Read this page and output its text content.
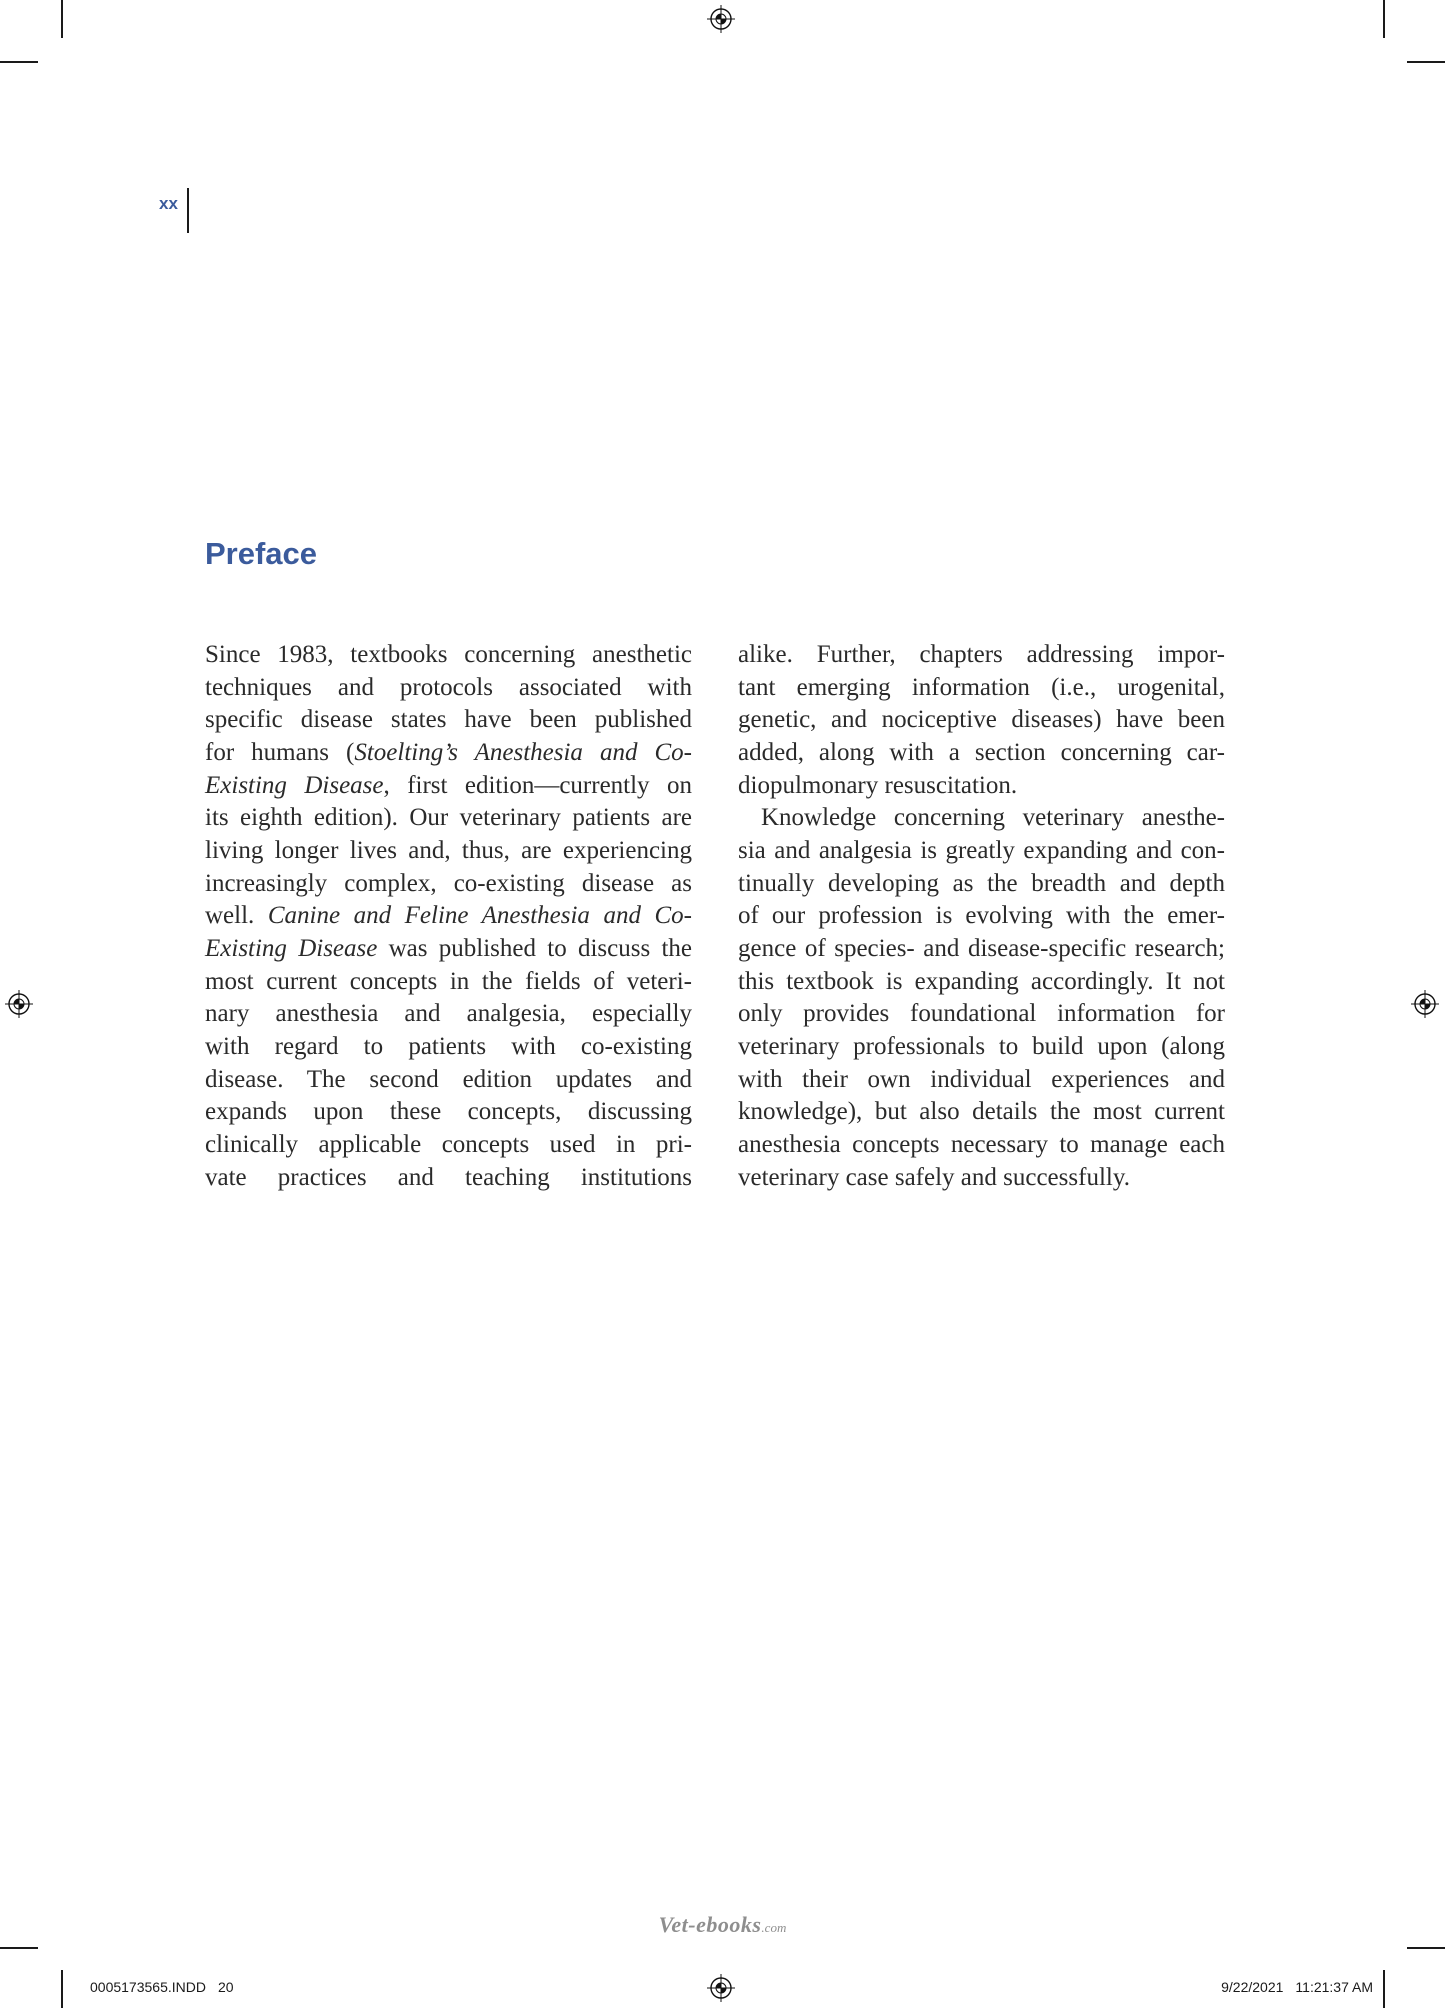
xx
Preface
Since 1983, textbooks concerning anesthetic
techniques and protocols associated with
specific disease states have been published
for humans (Stoelting’s Anesthesia and Co-
Existing Disease, first edition—currently on
its eighth edition). Our veterinary patients are
living longer lives and, thus, are experiencing
increasingly complex, co-existing disease as
well. Canine and Feline Anesthesia and Co-
Existing Disease was published to discuss the
most current concepts in the fields of veteri-
nary anesthesia and analgesia, especially
with regard to patients with co-existing
disease. The second edition updates and
expands upon these concepts, discussing
clinically applicable concepts used in pri-
vate practices and teaching institutions
alike. Further, chapters addressing impor-
tant emerging information (i.e., urogenital,
genetic, and nociceptive diseases) have been
added, along with a section concerning car-
diopulmonary resuscitation.
Knowledge concerning veterinary anesthe-
sia and analgesia is greatly expanding and con-
tinually developing as the breadth and depth
of our profession is evolving with the emer-
gence of species- and disease-specific research;
this textbook is expanding accordingly. It not
only provides foundational information for
veterinary professionals to build upon (along
with their own individual experiences and
knowledge), but also details the most current
anesthesia concepts necessary to manage each
veterinary case safely and successfully.
Vet-ebooks.com
0005173565.INDD 20	9/22/2021 11:21:37 AM
